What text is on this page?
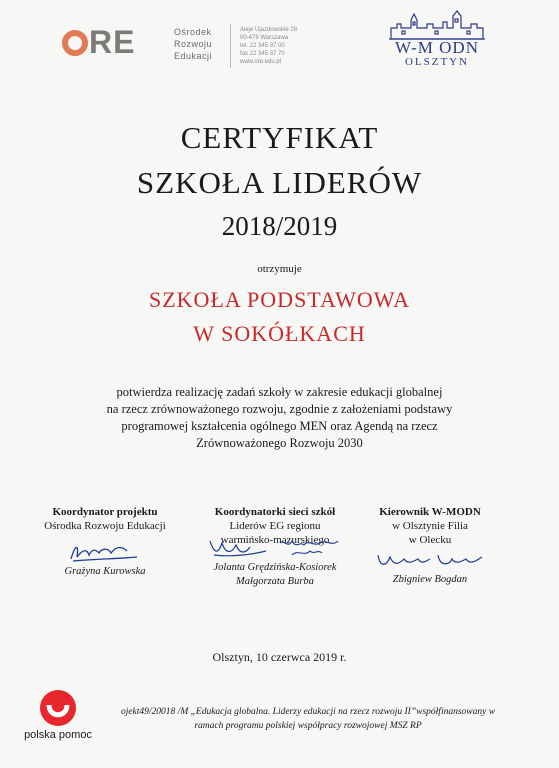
RE	Ośrodek
Rozwoju
Edukacji
Aleje Ujazdowskie 28
00-478 Warszawa
tel. 22 345 37 00
fax 22 345 37 70
www.ore.edu.pl
W-M ODN
OLSZTYN
CERTYFIKAT
SZKOŁA LIDERÓW
2018/2019
otrzymuje
SZKOŁA PODSTAWOWA
W SOKÓŁKACH
potwierdza realizację zadań szkoły w zakresie edukacji globalnej
na rzecz zrównoważonego rozwoju, zgodnie z założeniami podstawy
programowej kształcenia ogólnego MEN oraz Agendą na rzecz
Zrównoważonego Rozwoju 2030
Koordynator projektu
Ośrodka Rozwoju Edukacji
Grażyna Kurowska
Koordynatorki sieci szkół
Liderów EG regionu
warmińsko-mazurskiego
Jolanta Grędzińska-Kosiorek
Małgorzata Burba
Kierownik W-MODN
w Olsztynie Filia
w Olecku
Zbigniew Bogdan
Olsztyn, 10 czerwca 2019 r.
polska pomoc
ojekt49/20018 /M „Edukacja globalna. Liderzy edukacji na rzecz rozwoju II”współfinansowany w
ramach programu polskiej współpracy rozwojowej MSZ RP
